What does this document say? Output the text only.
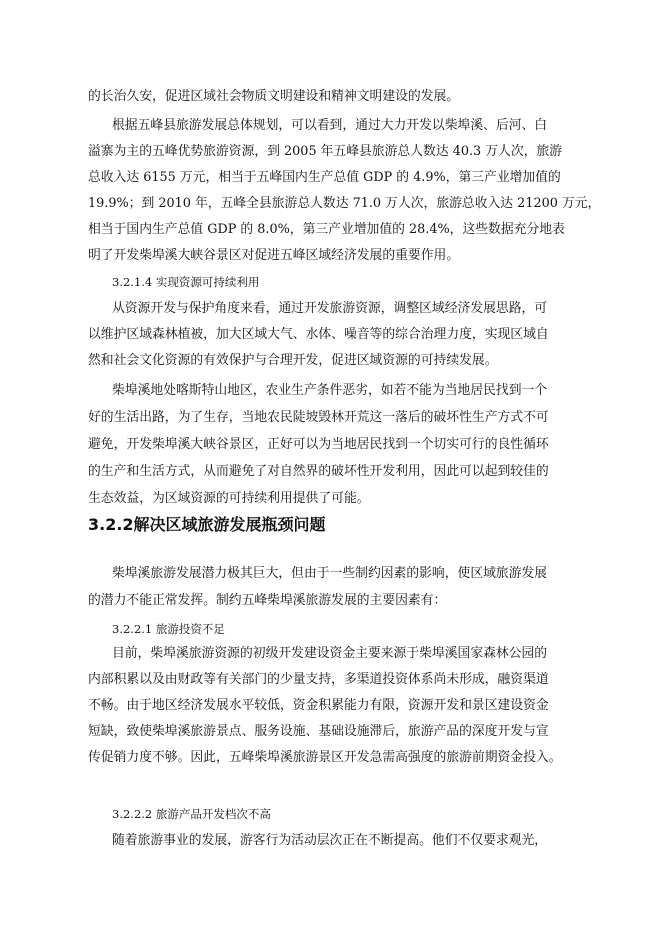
的长治久安，促进区域社会物质文明建设和精神文明建设的发展。
根据五峰县旅游发展总体规划，可以看到，通过大力开发以柴埠溪、后河、白
溢寨为主的五峰优势旅游资源，到 2005 年五峰县旅游总人数达 40.3 万人次，旅游
总收入达 6155 万元，相当于五峰国内生产总值 GDP 的 4.9%，第三产业增加值的
19.9%；到 2010 年，五峰全县旅游总人数达 71.0 万人次，旅游总收入达 21200 万元，
相当于国内生产总值 GDP 的 8.0%，第三产业增加值的 28.4%，这些数据充分地表
明了开发柴埠溪大峡谷景区对促进五峰区域经济发展的重要作用。
3.2.1.4 实现资源可持续利用
从资源开发与保护角度来看，通过开发旅游资源，调整区域经济发展思路，可
以维护区域森林植被，加大区域大气、水体、噪音等的综合治理力度，实现区域自
然和社会文化资源的有效保护与合理开发，促进区域资源的可持续发展。
柴埠溪地处喀斯特山地区，农业生产条件恶劣，如若不能为当地居民找到一个
好的生活出路，为了生存，当地农民陡坡毁林开荒这一落后的破坏性生产方式不可
避免，开发柴埠溪大峡谷景区，正好可以为当地居民找到一个切实可行的良性循环
的生产和生活方式，从而避免了对自然界的破坏性开发利用，因此可以起到较佳的
生态效益，为区域资源的可持续利用提供了可能。
3.2.2解决区域旅游发展瓶颈问题
柴埠溪旅游发展潜力极其巨大，但由于一些制约因素的影响，使区域旅游发展
的潜力不能正常发挥。制约五峰柴埠溪旅游发展的主要因素有：
3.2.2.1 旅游投资不足
目前，柴埠溪旅游资源的初级开发建设资金主要来源于柴埠溪国家森林公园的
内部积累以及由财政等有关部门的少量支持，多渠道投资体系尚未形成，融资渠道
不畅。由于地区经济发展水平较低，资金积累能力有限，资源开发和景区建设资金
短缺，致使柴埠溪旅游景点、服务设施、基础设施滞后，旅游产品的深度开发与宣
传促销力度不够。因此，五峰柴埠溪旅游景区开发急需高强度的旅游前期资金投入。
3.2.2.2 旅游产品开发档次不高
随着旅游事业的发展，游客行为活动层次正在不断提高。他们不仅要求观光，
